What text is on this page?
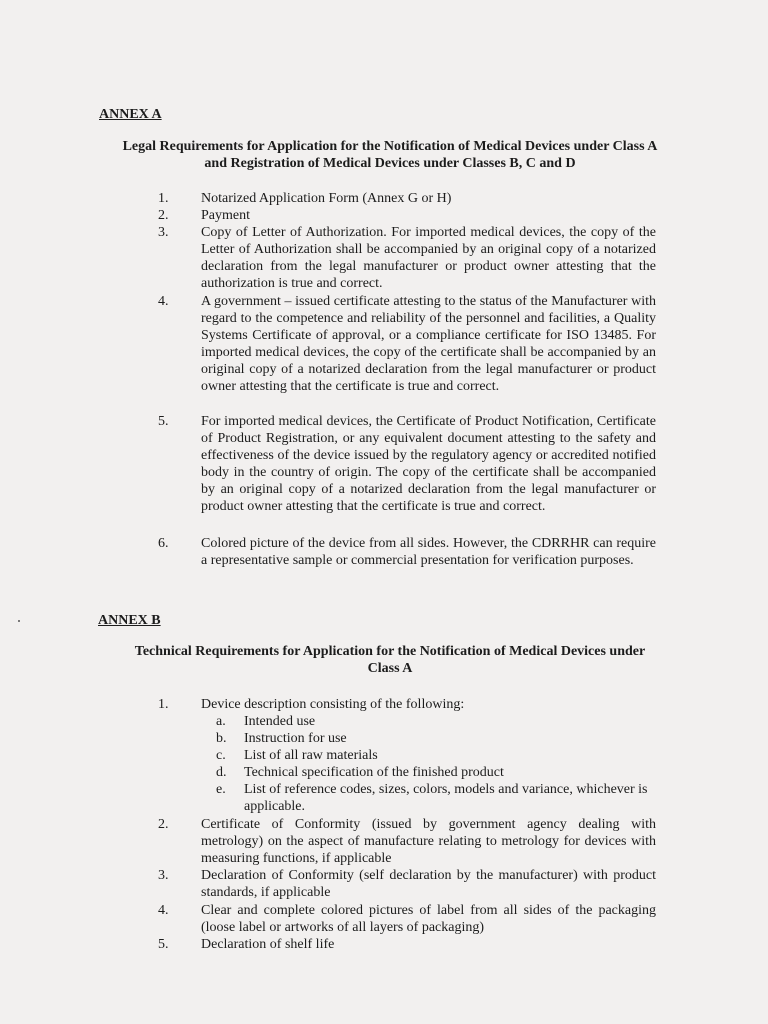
ANNEX A
Legal Requirements for Application for the Notification of Medical Devices under Class A and Registration of Medical Devices under Classes B, C and D
1.	Notarized Application Form (Annex G or H)
2.	Payment
3.	Copy of Letter of Authorization. For imported medical devices, the copy of the Letter of Authorization shall be accompanied by an original copy of a notarized declaration from the legal manufacturer or product owner attesting that the authorization is true and correct.
4.	A government – issued certificate attesting to the status of the Manufacturer with regard to the competence and reliability of the personnel and facilities, a Quality Systems Certificate of approval, or a compliance certificate for ISO 13485. For imported medical devices, the copy of the certificate shall be accompanied by an original copy of a notarized declaration from the legal manufacturer or product owner attesting that the certificate is true and correct.
5.	For imported medical devices, the Certificate of Product Notification, Certificate of Product Registration, or any equivalent document attesting to the safety and effectiveness of the device issued by the regulatory agency or accredited notified body in the country of origin. The copy of the certificate shall be accompanied by an original copy of a notarized declaration from the legal manufacturer or product owner attesting that the certificate is true and correct.
6.	Colored picture of the device from all sides. However, the CDRRHR can require a representative sample or commercial presentation for verification purposes.
ANNEX B
Technical Requirements for Application for the Notification of Medical Devices under Class A
1.	Device description consisting of the following:
a.	Intended use
b.	Instruction for use
c.	List of all raw materials
d.	Technical specification of the finished product
e.	List of reference codes, sizes, colors, models and variance, whichever is applicable.
2.	Certificate of Conformity (issued by government agency dealing with metrology) on the aspect of manufacture relating to metrology for devices with measuring functions, if applicable
3.	Declaration of Conformity (self declaration by the manufacturer) with product standards, if applicable
4.	Clear and complete colored pictures of label from all sides of the packaging (loose label or artworks of all layers of packaging)
5.	Declaration of shelf life
